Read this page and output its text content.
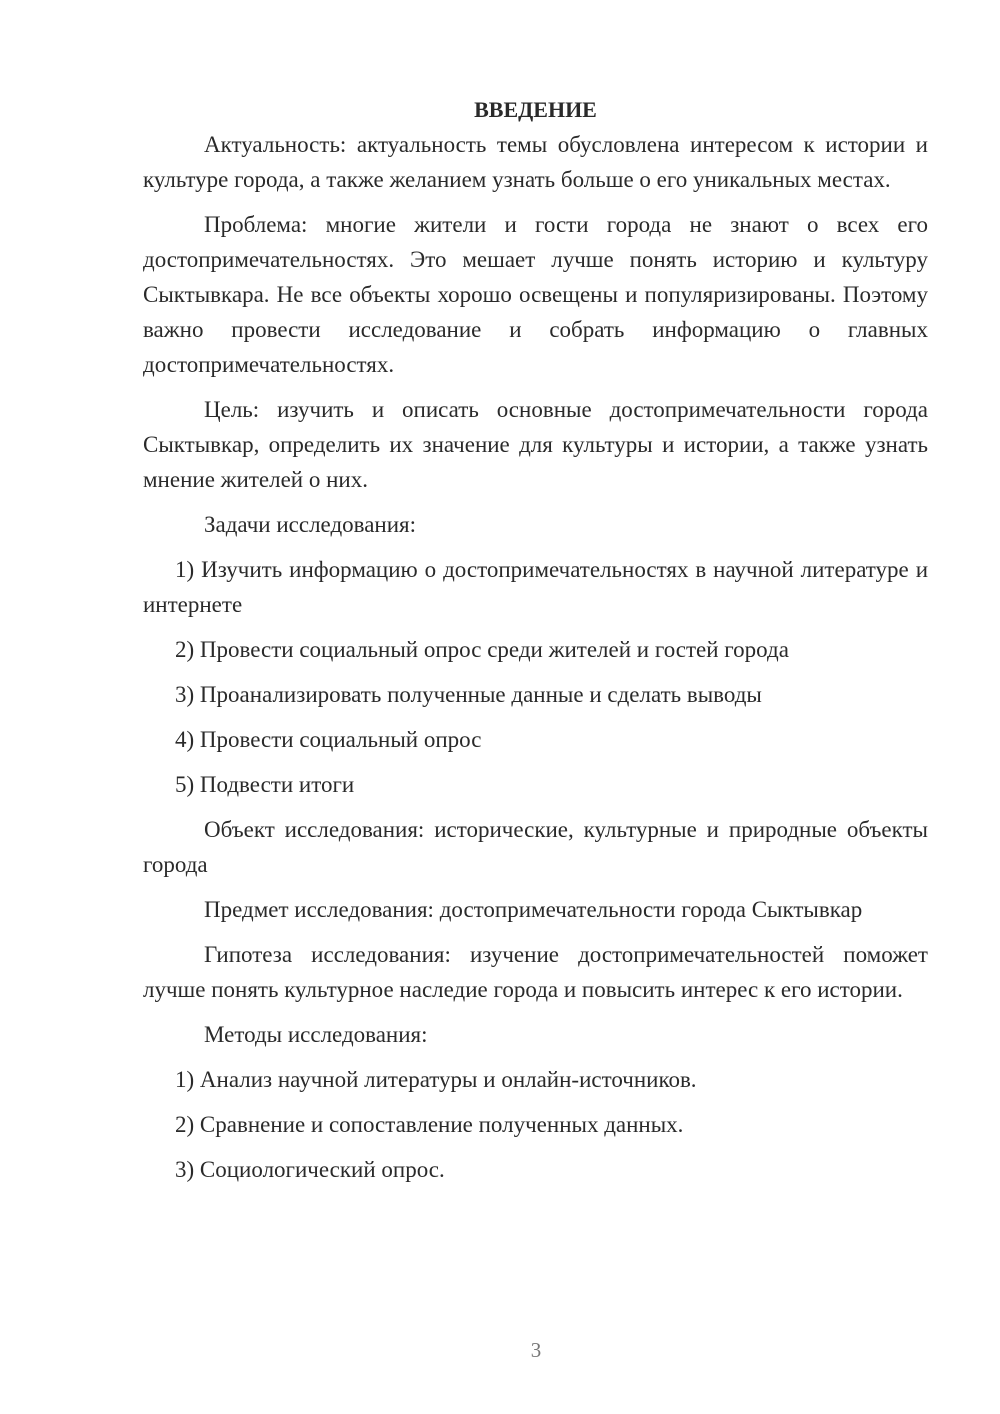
ВВЕДЕНИЕ

Актуальность: актуальность темы обусловлена интересом к истории и культуре города, а также желанием узнать больше о его уникальных местах.

Проблема: многие жители и гости города не знают о всех его достопримечательностях. Это мешает лучше понять историю и культуру Сыктывкара. Не все объекты хорошо освещены и популяризированы. Поэтому важно провести исследование и собрать информацию о главных достопримечательностях.

Цель: изучить и описать основные достопримечательности города Сыктывкар, определить их значение для культуры и истории, а также узнать мнение жителей о них.

Задачи исследования:

1) Изучить информацию о достопримечательностях в научной литературе и интернете

2) Провести социальный опрос среди жителей и гостей города

3) Проанализировать полученные данные и сделать выводы

4) Провести социальный опрос

5) Подвести итоги

Объект исследования: исторические, культурные и природные объекты города

Предмет исследования: достопримечательности города Сыктывкар

Гипотеза исследования: изучение достопримечательностей поможет лучше понять культурное наследие города и повысить интерес к его истории.

Методы исследования:

1) Анализ научной литературы и онлайн-источников.

2) Сравнение и сопоставление полученных данных.

3) Социологический опрос.

3
